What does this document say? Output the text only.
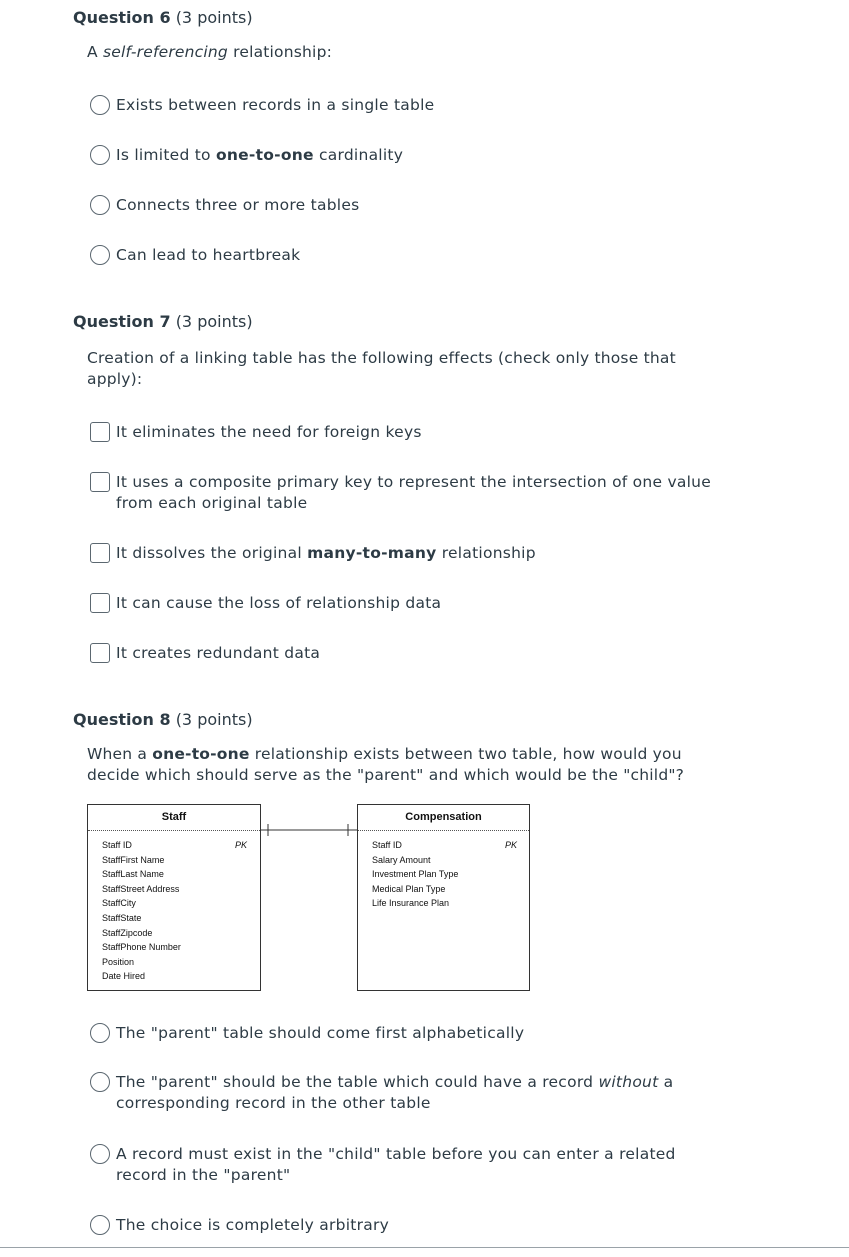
Question 6 (3 points)
A self-referencing relationship:
Exists between records in a single table
Is limited to one-to-one cardinality
Connects three or more tables
Can lead to heartbreak
Question 7 (3 points)
Creation of a linking table has the following effects (check only those that
apply):
It eliminates the need for foreign keys
It uses a composite primary key to represent the intersection of one value
from each original table
It dissolves the original many-to-many relationship
It can cause the loss of relationship data
It creates redundant data
Question 8 (3 points)
When a one-to-one relationship exists between two table, how would you
decide which should serve as the "parent" and which would be the "child"?
Staff
PK
Staff ID
StaffFirst Name
StaffLast Name
StaffStreet Address
StaffCity
StaffState
StaffZipcode
StaffPhone Number
Position
Date Hired
Compensation
PK
Staff ID
Salary Amount
Investment Plan Type
Medical Plan Type
Life Insurance Plan
The "parent" table should come first alphabetically
The "parent" should be the table which could have a record without a
corresponding record in the other table
A record must exist in the "child" table before you can enter a related
record in the "parent"
The choice is completely arbitrary
